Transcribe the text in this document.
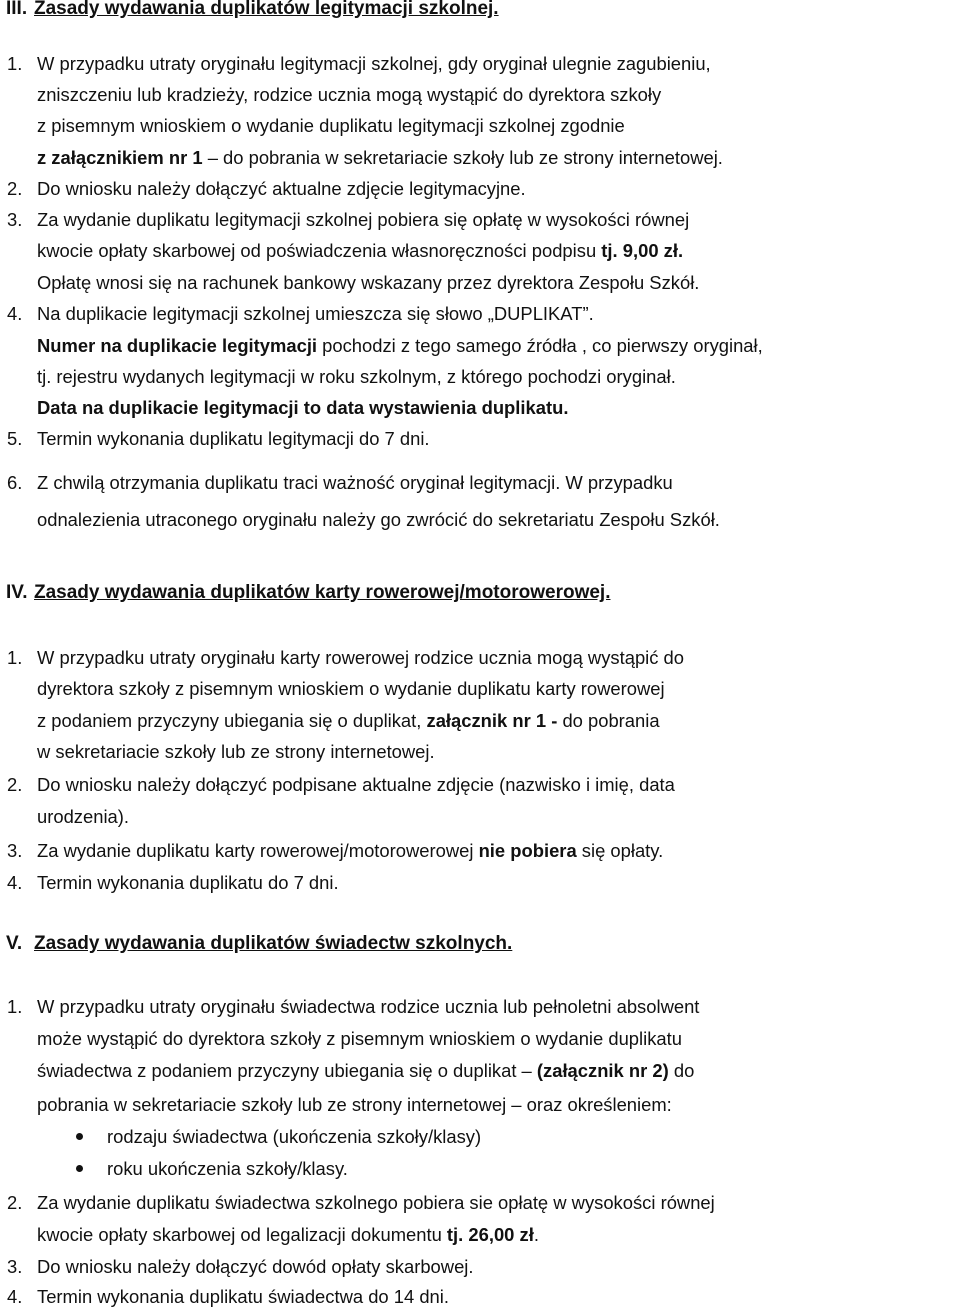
III. Zasady wydawania duplikatów legitymacji szkolnej.
1. W przypadku utraty oryginału legitymacji szkolnej, gdy oryginał ulegnie zagubieniu,
zniszczeniu lub kradzieży, rodzice ucznia mogą wystąpić do dyrektora szkoły
z pisemnym wnioskiem o wydanie duplikatu legitymacji szkolnej zgodnie
z załącznikiem nr 1 – do pobrania w sekretariacie szkoły lub ze strony internetowej.
2. Do wniosku należy dołączyć aktualne zdjęcie legitymacyjne.
3. Za wydanie duplikatu legitymacji szkolnej pobiera się opłatę w wysokości równej
kwocie opłaty skarbowej od poświadczenia własnoręczności podpisu tj. 9,00 zł.
Opłatę wnosi się na rachunek bankowy wskazany przez dyrektora Zespołu Szkół.
4. Na duplikacie legitymacji szkolnej umieszcza się słowo „DUPLIKAT”.
Numer na duplikacie legitymacji pochodzi z tego samego źródła , co pierwszy oryginał,
tj. rejestru wydanych legitymacji w roku szkolnym, z którego pochodzi oryginał.
Data na duplikacie legitymacji to data wystawienia duplikatu.
5. Termin wykonania duplikatu legitymacji do 7 dni.
6. Z chwilą otrzymania duplikatu traci ważność oryginał legitymacji. W przypadku
odnalezienia utraconego oryginału należy go zwrócić do sekretariatu Zespołu Szkół.
IV. Zasady wydawania duplikatów karty rowerowej/motorowerowej.
1. W przypadku utraty oryginału karty rowerowej rodzice ucznia mogą wystąpić do
dyrektora szkoły z pisemnym wnioskiem o wydanie duplikatu karty rowerowej
z podaniem przyczyny ubiegania się o duplikat, załącznik nr 1 - do pobrania
w sekretariacie szkoły lub ze strony internetowej.
2. Do wniosku należy dołączyć podpisane aktualne zdjęcie (nazwisko i imię, data
urodzenia).
3. Za wydanie duplikatu karty rowerowej/motorowerowej nie pobiera się opłaty.
4. Termin wykonania duplikatu do 7 dni.
V. Zasady wydawania duplikatów świadectw szkolnych.
1. W przypadku utraty oryginału świadectwa rodzice ucznia lub pełnoletni absolwent
może wystąpić do dyrektora szkoły z pisemnym wnioskiem o wydanie duplikatu
świadectwa z podaniem przyczyny ubiegania się o duplikat – (załącznik nr 2) do
pobrania w sekretariacie szkoły lub ze strony internetowej – oraz określeniem:
rodzaju świadectwa (ukończenia szkoły/klasy)
roku ukończenia szkoły/klasy.
2. Za wydanie duplikatu świadectwa szkolnego pobiera sie opłatę w wysokości równej
kwocie opłaty skarbowej od legalizacji dokumentu tj. 26,00 zł.
3. Do wniosku należy dołączyć dowód opłaty skarbowej.
4. Termin wykonania duplikatu świadectwa do 14 dni.
